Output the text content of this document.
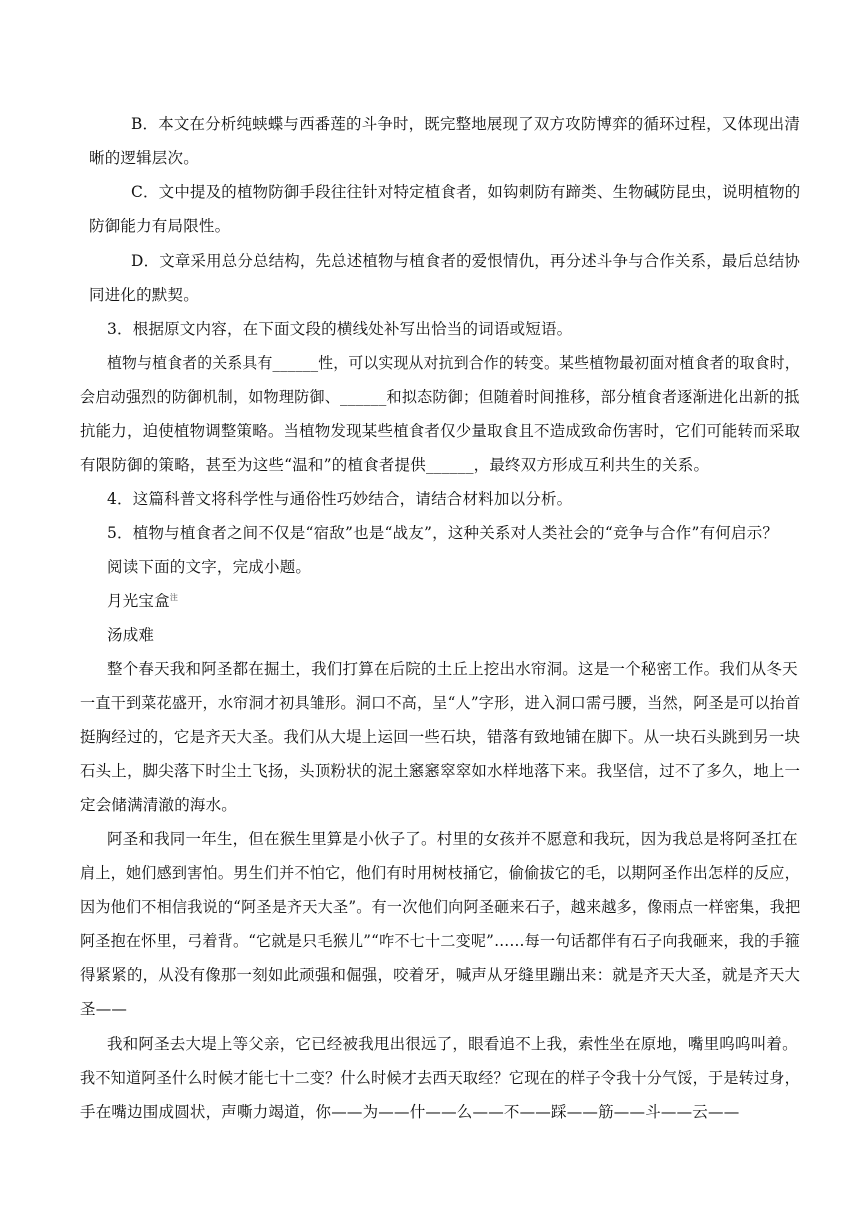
B．本文在分析纯蛱蝶与西番莲的斗争时，既完整地展现了双方攻防博弈的循环过程，又体现出清
晰的逻辑层次。
C．文中提及的植物防御手段往往针对特定植食者，如钩刺防有蹄类、生物碱防昆虫，说明植物的
防御能力有局限性。
D．文章采用总分总结构，先总述植物与植食者的爱恨情仇，再分述斗争与合作关系，最后总结协
同进化的默契。
3．根据原文内容，在下面文段的横线处补写出恰当的词语或短语。
植物与植食者的关系具有______性，可以实现从对抗到合作的转变。某些植物最初面对植食者的取食时，
会启动强烈的防御机制，如物理防御、______和拟态防御；但随着时间推移，部分植食者逐渐进化出新的抵
抗能力，迫使植物调整策略。当植物发现某些植食者仅少量取食且不造成致命伤害时，它们可能转而采取
有限防御的策略，甚至为这些“温和”的植食者提供______，最终双方形成互利共生的关系。
4．这篇科普文将科学性与通俗性巧妙结合，请结合材料加以分析。
5．植物与植食者之间不仅是“宿敌”也是“战友”，这种关系对人类社会的“竞争与合作”有何启示？
阅读下面的文字，完成小题。
月光宝盒$^注$
汤成难
整个春天我和阿圣都在掘土，我们打算在后院的土丘上挖出水帘洞。这是一个秘密工作。我们从冬天
一直干到菜花盛开，水帘洞才初具雏形。洞口不高，呈“人”字形，进入洞口需弓腰，当然，阿圣是可以抬首
挺胸经过的，它是齐天大圣。我们从大堤上运回一些石块，错落有致地铺在脚下。从一块石头跳到另一块
石头上，脚尖落下时尘土飞扬，头顶粉状的泥土窸窸窣窣如水样地落下来。我坚信，过不了多久，地上一
定会储满清澈的海水。
阿圣和我同一年生，但在猴生里算是小伙子了。村里的女孩并不愿意和我玩，因为我总是将阿圣扛在
肩上，她们感到害怕。男生们并不怕它，他们有时用树枝捅它，偷偷拔它的毛，以期阿圣作出怎样的反应，
因为他们不相信我说的“阿圣是齐天大圣”。有一次他们向阿圣砸来石子，越来越多，像雨点一样密集，我把
阿圣抱在怀里，弓着背。“它就是只毛猴儿”“咋不七十二变呢”……每一句话都伴有石子向我砸来，我的手箍
得紧紧的，从没有像那一刻如此顽强和倔强，咬着牙，喊声从牙缝里蹦出来：就是齐天大圣，就是齐天大
圣——
我和阿圣去大堤上等父亲，它已经被我甩出很远了，眼看追不上我，索性坐在原地，嘴里呜呜叫着。
我不知道阿圣什么时候才能七十二变？什么时候才去西天取经？它现在的样子令我十分气馁，于是转过身，
手在嘴边围成圆状，声嘶力竭道，你——为——什——么——不——踩——筋——斗——云——
